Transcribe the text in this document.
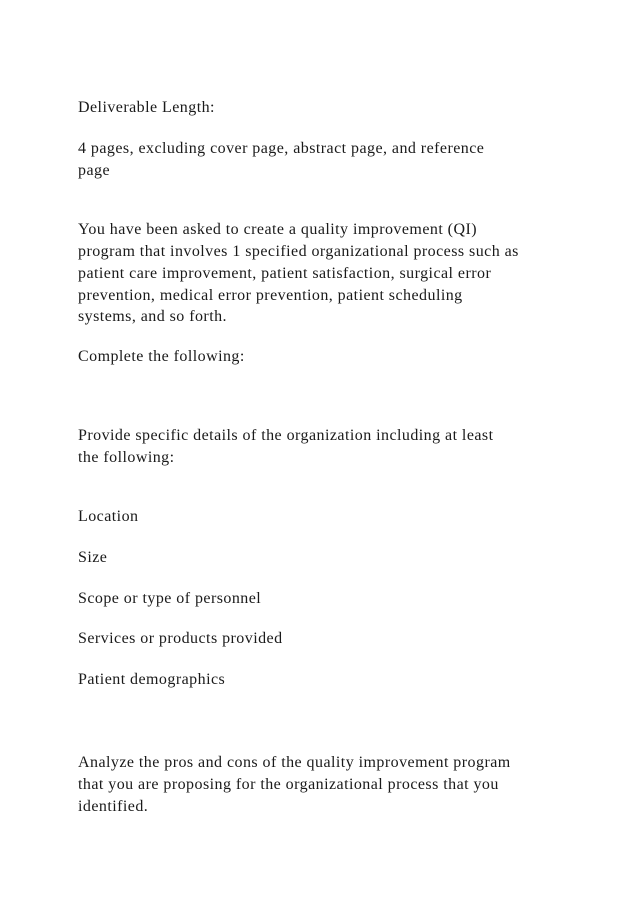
Deliverable Length:

4 pages, excluding cover page, abstract page, and reference

page

You have been asked to create a quality improvement (QI)

program that involves 1 specified organizational process such as

patient care improvement, patient satisfaction, surgical error

prevention, medical error prevention, patient scheduling

systems, and so forth.

Complete the following:

Provide specific details of the organization including at least

the following:

Location

Size

Scope or type of personnel

Services or products provided

Patient demographics

Analyze the pros and cons of the quality improvement program

that you are proposing for the organizational process that you

identified.
